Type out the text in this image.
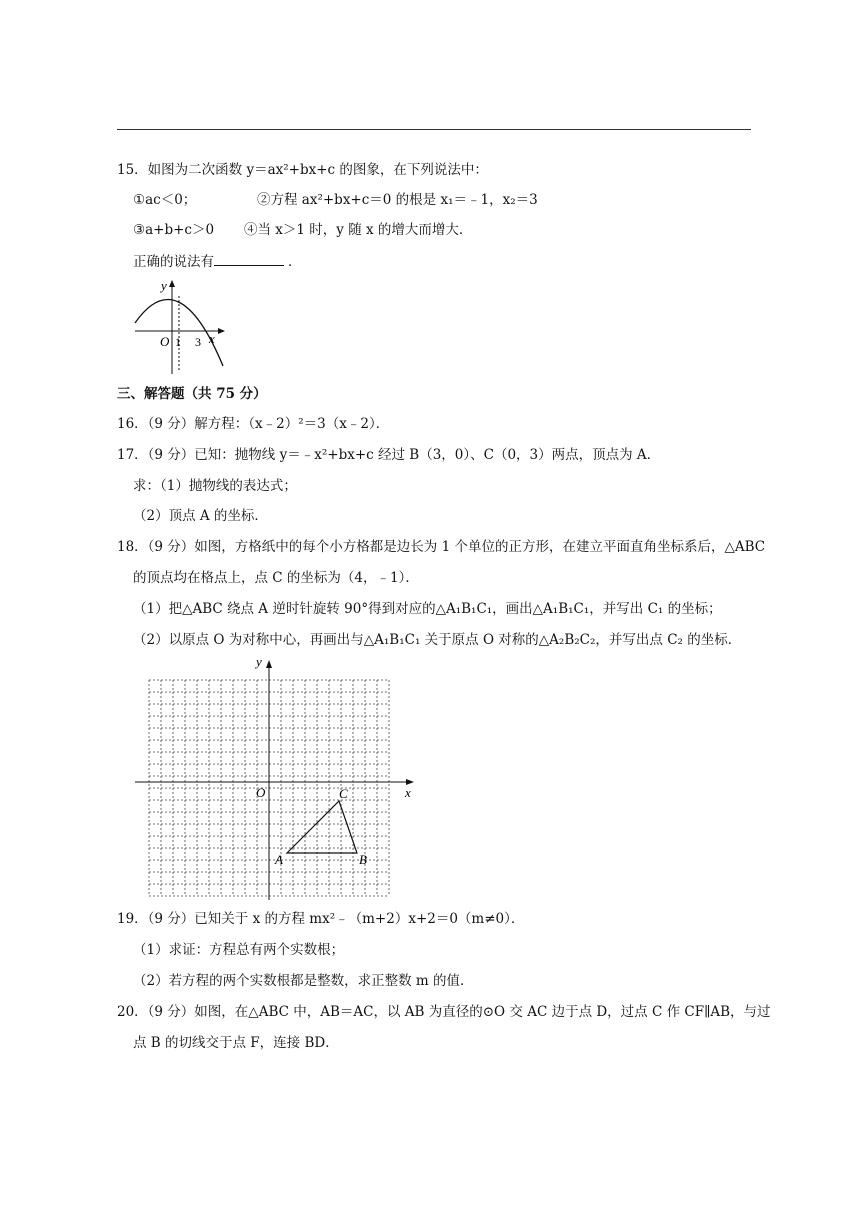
15．如图为二次函数 y＝ax²+bx+c 的图象，在下列说法中：
①ac＜0；	②方程 ax²+bx+c＝0 的根是 x₁＝﹣1，x₂＝3
③a+b+c＞0 ④当 x＞1 时，y 随 x 的增大而增大．
正确的说法有	．
y
x
O 1 3
三、解答题（共 75 分）
16．（9 分）解方程：（x﹣2）²＝3（x﹣2）．
17．（9 分）已知：抛物线 y＝﹣x²+bx+c 经过 B（3，0）、C（0，3）两点，顶点为 A．
求：（1）抛物线的表达式；
（2）顶点 A 的坐标．
18．（9 分）如图，方格纸中的每个小方格都是边长为 1 个单位的正方形，在建立平面直角坐标系后，△ABC
的顶点均在格点上，点 C 的坐标为（4，﹣1）．
（1）把△ABC 绕点 A 逆时针旋转 90°得到对应的△A₁B₁C₁，画出△A₁B₁C₁，并写出 C₁ 的坐标；
（2）以原点 O 为对称中心，再画出与△A₁B₁C₁ 关于原点 O 对称的△A₂B₂C₂，并写出点 C₂ 的坐标．
y
x
O
A	B
C
19．（9 分）已知关于 x 的方程 mx²﹣（m+2）x+2＝0（m≠0）．
（1）求证：方程总有两个实数根；
（2）若方程的两个实数根都是整数，求正整数 m 的值．
20．（9 分）如图，在△ABC 中，AB＝AC，以 AB 为直径的⊙O 交 AC 边于点 D，过点 C 作 CF∥AB，与过
点 B 的切线交于点 F，连接 BD．
